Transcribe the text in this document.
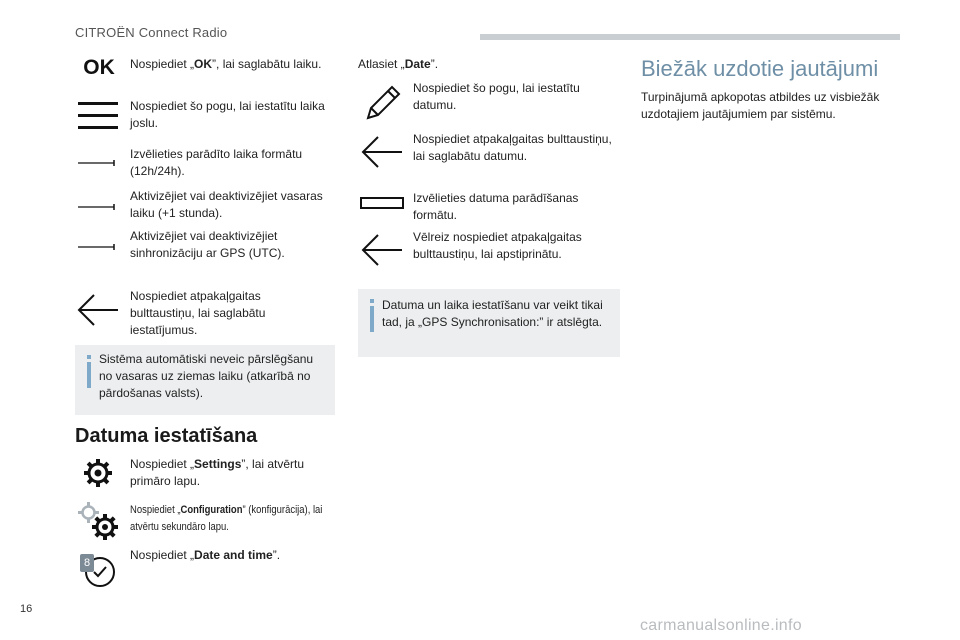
CITROËN Connect Radio
OK Nospiediet „OK”, lai saglabātu laiku.
Nospiediet šo pogu, lai iestatītu laika joslu.
Izvēlieties parādīto laika formātu (12h/24h).
Aktivizējiet vai deaktivizējiet vasaras laiku (+1 stunda).
Aktivizējiet vai deaktivizējiet sinhronizāciju ar GPS (UTC).
Nospiediet atpakaļgaitas bulttaustiņu, lai saglabātu iestatījumus.
Sistēma automātiski neveic pārslēgšanu no vasaras uz ziemas laiku (atkarībā no pārdošanas valsts).
Datuma iestatīšana
Nospiediet „Settings”, lai atvērtu primāro lapu.
Nospiediet „Configuration” (konfigurācija), lai atvērtu sekundāro lapu.
8
Nospiediet „Date and time”.
Atlasiet „Date”.
Nospiediet šo pogu, lai iestatītu datumu.
Nospiediet atpakaļgaitas bulttaustiņu, lai saglabātu datumu.
Izvēlieties datuma parādīšanas formātu.
Vēlreiz nospiediet atpakaļgaitas bulttaustiņu, lai apstiprinātu.
Datuma un laika iestatīšanu var veikt tikai tad, ja „GPS Synchronisation:” ir atslēgta.
Biežāk uzdotie jautājumi
Turpinājumā apkopotas atbildes uz visbiežāk uzdotajiem jautājumiem par sistēmu.
16
carmanualsonline.info
